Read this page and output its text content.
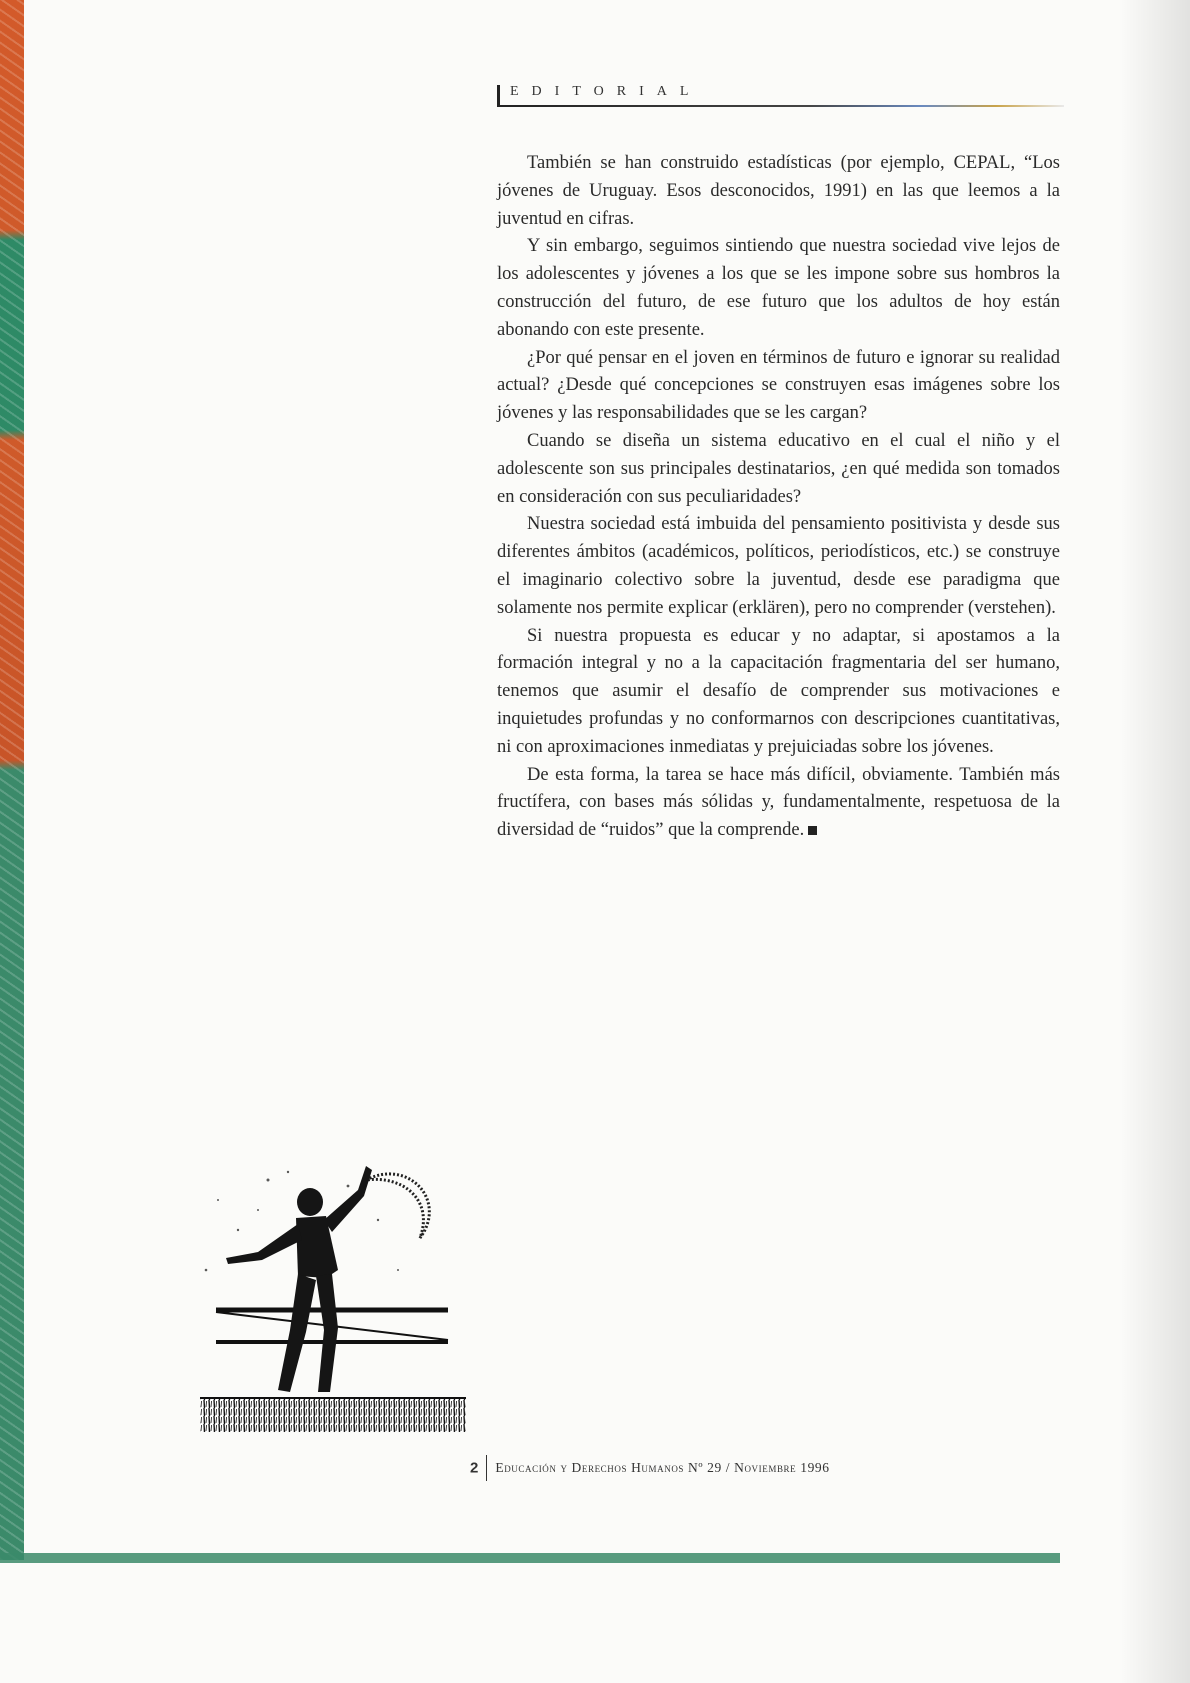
EDITORIAL

También se han construido estadísticas (por ejemplo, CEPAL, “Los jóvenes de Uruguay. Esos desconocidos, 1991) en las que leemos a la juventud en cifras.

Y sin embargo, seguimos sintiendo que nuestra sociedad vive lejos de los adolescentes y jóvenes a los que se les impone sobre sus hombros la construcción del futuro, de ese futuro que los adultos de hoy están abonando con este presente.

¿Por qué pensar en el joven en términos de futuro e ignorar su realidad actual? ¿Desde qué concepciones se construyen esas imágenes sobre los jóvenes y las responsabilidades que se les cargan?

Cuando se diseña un sistema educativo en el cual el niño y el adolescente son sus principales destinatarios, ¿en qué medida son tomados en consideración con sus peculiaridades?

Nuestra sociedad está imbuida del pensamiento positivista y desde sus diferentes ámbitos (académicos, políticos, periodísticos, etc.) se construye el imaginario colectivo sobre la juventud, desde ese paradigma que solamente nos permite explicar (erklären), pero no comprender (verstehen).

Si nuestra propuesta es educar y no adaptar, si apostamos a la formación integral y no a la capacitación fragmentaria del ser humano, tenemos que asumir el desafío de comprender sus motivaciones e inquietudes profundas y no conformarnos con descripciones cuantitativas, ni con aproximaciones inmediatas y prejuiciadas sobre los jóvenes.

De esta forma, la tarea se hace más difícil, obviamente. También más fructífera, con bases más sólidas y, fundamentalmente, respetuosa de la diversidad de “ruidos” que la comprende.

2 Educación y Derechos Humanos Nº 29 / Noviembre 1996
